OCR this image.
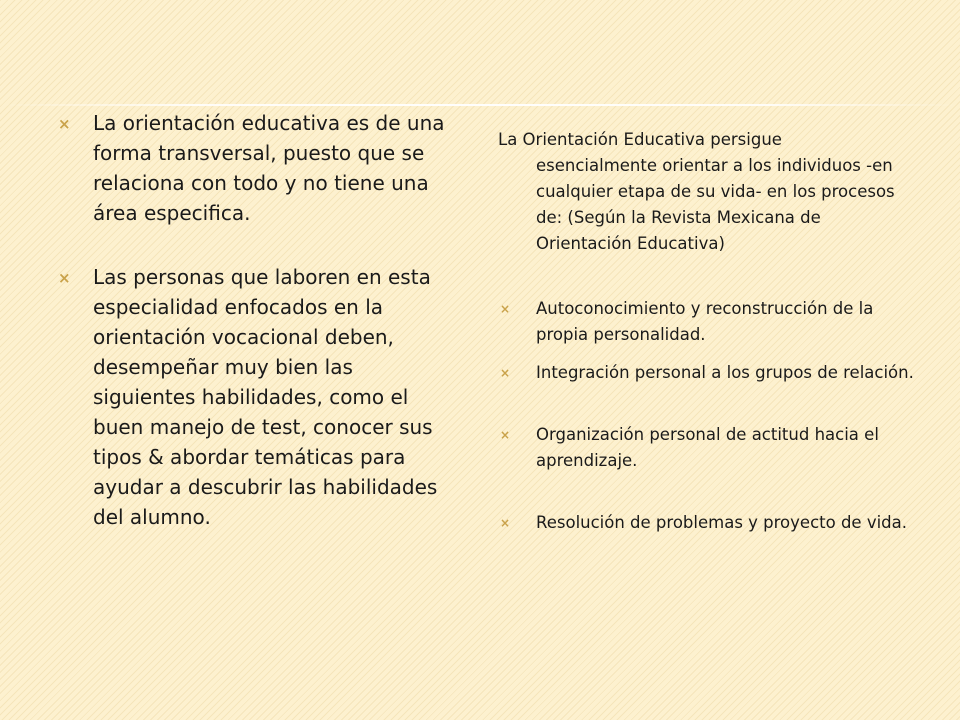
× La orientación educativa es de una forma transversal, puesto que se relaciona con todo y no tiene una área especifica.

× Las personas que laboren en esta especialidad enfocados en la orientación vocacional deben, desempeñar muy bien las siguientes habilidades, como el buen manejo de test, conocer sus tipos & abordar temáticas para ayudar a descubrir las habilidades del alumno.

La Orientación Educativa persigue
esencialmente orientar a los individuos -en cualquier etapa de su vida- en los procesos de: (Según la Revista Mexicana de Orientación Educativa)

× Autoconocimiento y reconstrucción de la propia personalidad.
× Integración personal a los grupos de relación.
× Organización personal de actitud hacia el aprendizaje.
× Resolución de problemas y proyecto de vida.
